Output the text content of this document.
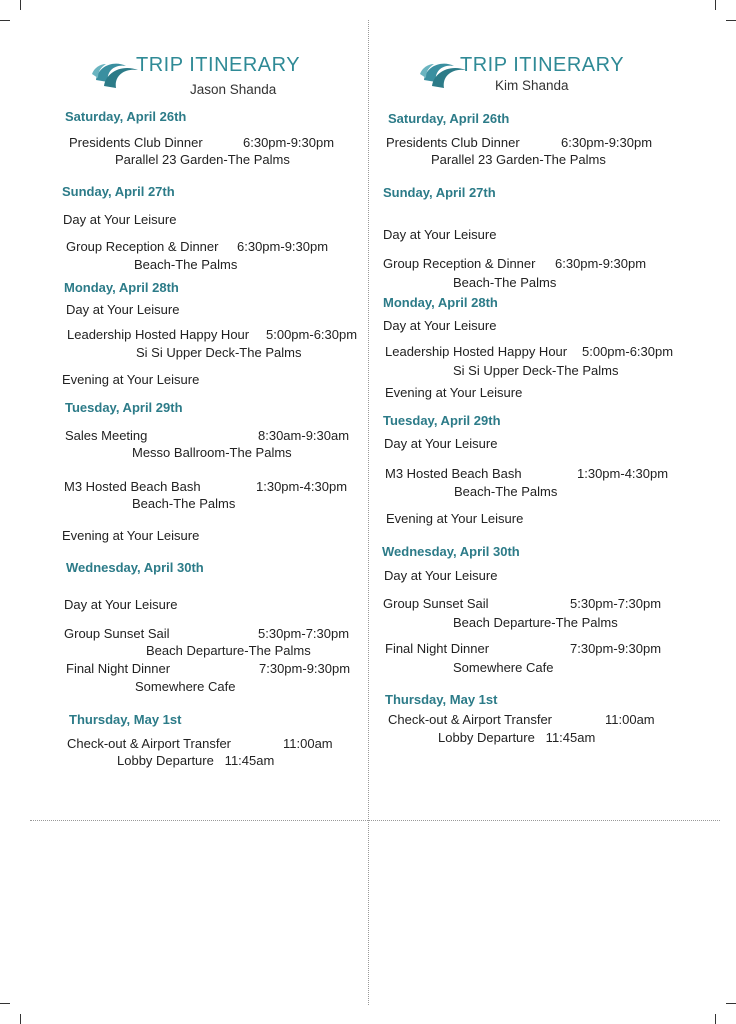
TRIP ITINERARY
Jason Shanda
Saturday, April 26th
Presidents Club Dinner	6:30pm-9:30pm
Parallel 23 Garden-The Palms
Sunday, April 27th
Day at Your Leisure
Group Reception & Dinner 6:30pm-9:30pm
Beach-The Palms
Monday, April 28th
Day at Your Leisure
Leadership Hosted Happy Hour 5:00pm-6:30pm
Si Si Upper Deck-The Palms
Evening at Your Leisure
Tuesday, April 29th
Sales Meeting	8:30am-9:30am
Messo Ballroom-The Palms
M3 Hosted Beach Bash	1:30pm-4:30pm
Beach-The Palms
Evening at Your Leisure
Wednesday, April 30th
Day at Your Leisure
Group Sunset Sail	5:30pm-7:30pm
Beach Departure-The Palms
Final Night Dinner	7:30pm-9:30pm
Somewhere Cafe
Thursday, May 1st
Check-out & Airport Transfer	11:00am
Lobby Departure   11:45am
TRIP ITINERARY
Kim Shanda
Saturday, April 26th
Presidents Club Dinner	6:30pm-9:30pm
Parallel 23 Garden-The Palms
Sunday, April 27th
Day at Your Leisure
Group Reception & Dinner 6:30pm-9:30pm
Beach-The Palms
Monday, April 28th
Day at Your Leisure
Leadership Hosted Happy Hour 5:00pm-6:30pm
Si Si Upper Deck-The Palms
Evening at Your Leisure
Tuesday, April 29th
Day at Your Leisure
M3 Hosted Beach Bash	1:30pm-4:30pm
Beach-The Palms
Evening at Your Leisure
Wednesday, April 30th
Day at Your Leisure
Group Sunset Sail	5:30pm-7:30pm
Beach Departure-The Palms
Final Night Dinner	7:30pm-9:30pm
Somewhere Cafe
Thursday, May 1st
Check-out & Airport Transfer	11:00am
Lobby Departure   11:45am
